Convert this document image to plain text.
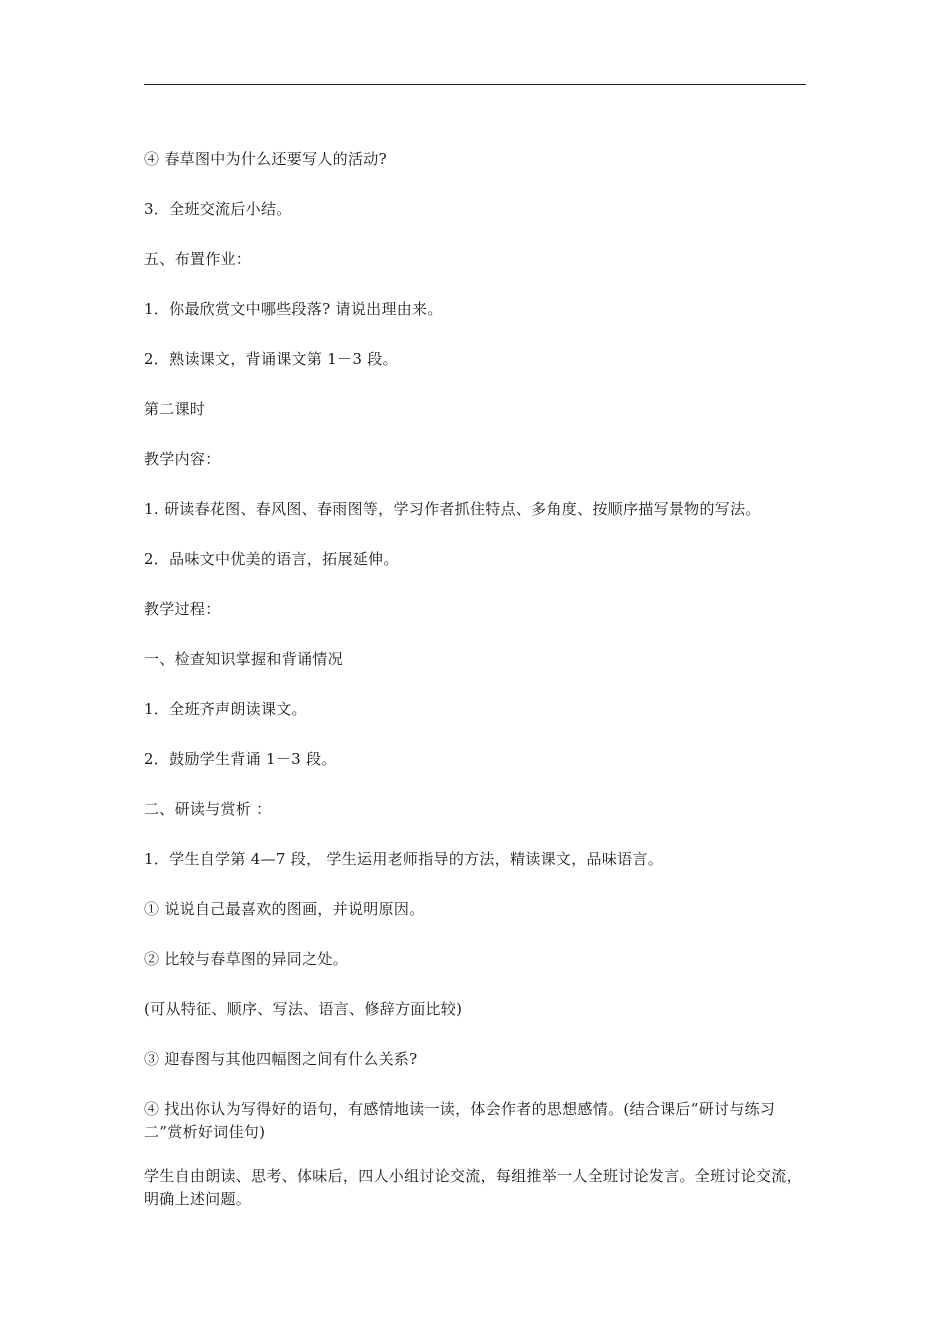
④ 春草图中为什么还要写人的活动?

3．全班交流后小结。

五、布置作业：

1．你最欣赏文中哪些段落? 请说出理由来。

2．熟读课文，背诵课文第 1－3 段。

第二课时

教学内容：

1. 研读春花图、春风图、春雨图等，学习作者抓住特点、多角度、按顺序描写景物的写法。

2．品味文中优美的语言，拓展延伸。

教学过程：

一、检查知识掌握和背诵情况

1．全班齐声朗读课文。

2．鼓励学生背诵 1－3 段。

二、研读与赏析 ：

1．学生自学第 4—7 段， 学生运用老师指导的方法，精读课文，品味语言。

① 说说自己最喜欢的图画，并说明原因。

② 比较与春草图的异同之处。

(可从特征、顺序、写法、语言、修辞方面比较)

③ 迎春图与其他四幅图之间有什么关系?

④ 找出你认为写得好的语句，有感情地读一读，体会作者的思想感情。(结合课后“研讨与练习二”赏析好词佳句)

学生自由朗读、思考、体味后，四人小组讨论交流，每组推举一人全班讨论发言。全班讨论交流，明确上述问题。
